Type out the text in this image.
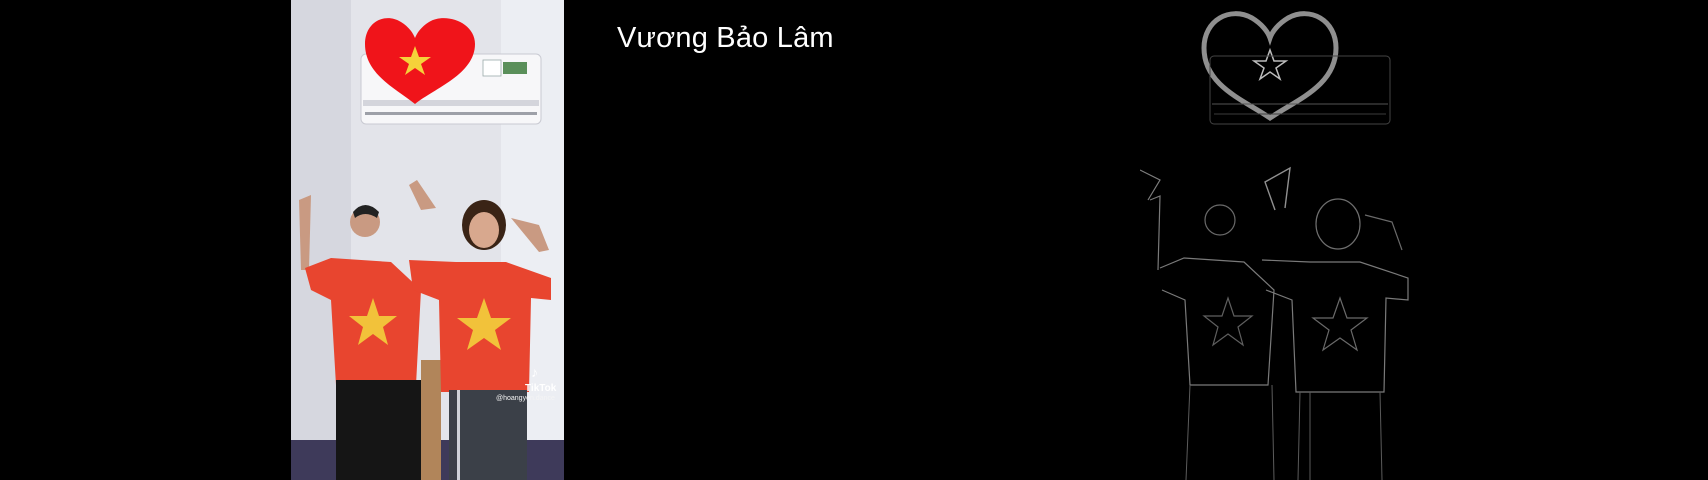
♪
TikTok
@hoangyen.dance
Vương Bảo Lâm
